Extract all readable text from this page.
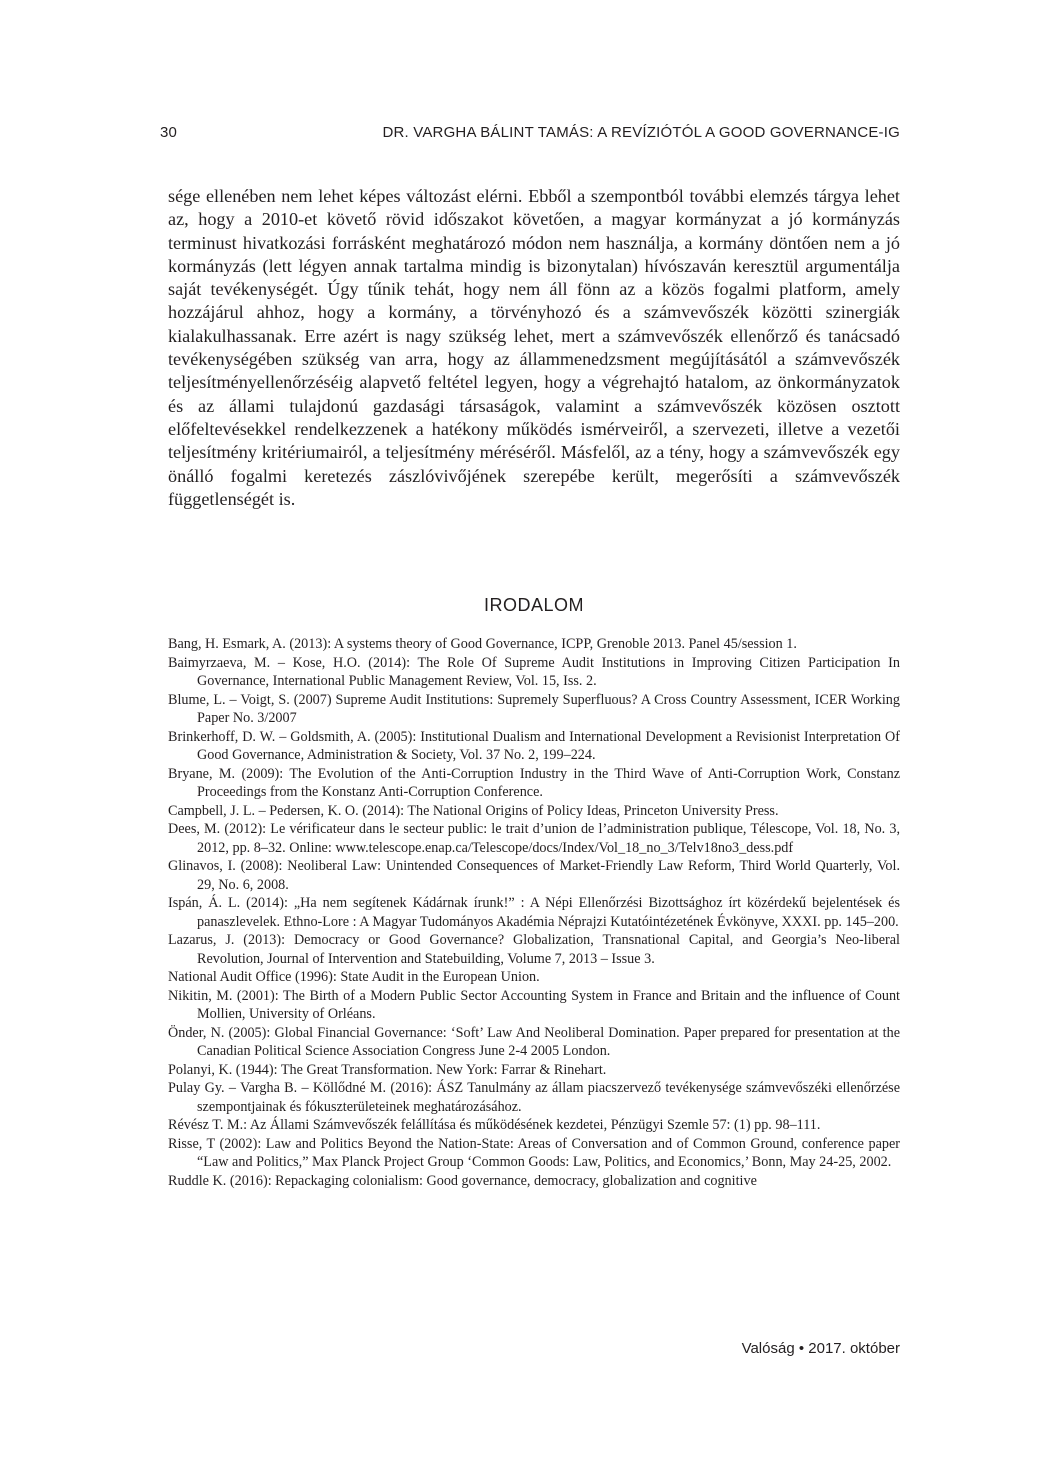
30	DR. VARGHA BÁLINT TAMÁS: A REVÍZIÓTÓL A GOOD GOVERNANCE-IG

sége ellenében nem lehet képes változást elérni. Ebből a szempontból további elemzés tárgya lehet az, hogy a 2010-et követő rövid időszakot követően, a magyar kormányzat a jó kormányzás terminust hivatkozási forrásként meghatározó módon nem használja, a kormány döntően nem a jó kormányzás (lett légyen annak tartalma mindig is bizonytalan) hívószaván keresztül argumentálja saját tevékenységét. Úgy tűnik tehát, hogy nem áll fönn az a közös fogalmi platform, amely hozzájárul ahhoz, hogy a kormány, a törvényhozó és a számvevőszék közötti szinergiák kialakulhassanak. Erre azért is nagy szükség lehet, mert a számvevőszék ellenőrző és tanácsadó tevékenységében szükség van arra, hogy az állammenedzsment megújításától a számvevőszék teljesítményellenőrzéséig alapvető feltétel legyen, hogy a végrehajtó hatalom, az önkormányzatok és az állami tulajdonú gazdasági társaságok, valamint a számvevőszék közösen osztott előfeltevésekkel rendelkezzenek a hatékony működés ismérveiről, a szervezeti, illetve a vezetői teljesítmény kritériumairól, a teljesítmény méréséről. Másfelől, az a tény, hogy a számvevőszék egy önálló fogalmi keretezés zászlóvivőjének szerepébe került, megerősíti a számvevőszék függetlenségét is.

IRODALOM
Bang, H. Esmark, A. (2013): A systems theory of Good Governance, ICPP, Grenoble 2013. Panel 45/session 1.
Baimyrzaeva, M. – Kose, H.O. (2014): The Role Of Supreme Audit Institutions in Improving Citizen Participation In Governance, International Public Management Review, Vol. 15, Iss. 2.
Blume, L. – Voigt, S. (2007) Supreme Audit Institutions: Supremely Superfluous? A Cross Country Assessment, ICER Working Paper No. 3/2007
Brinkerhoff, D. W. – Goldsmith, A. (2005): Institutional Dualism and International Development a Revisionist Interpretation Of Good Governance, Administration & Society, Vol. 37 No. 2, 199–224.
Bryane, M. (2009): The Evolution of the Anti-Corruption Industry in the Third Wave of Anti-Corruption Work, Constanz Proceedings from the Konstanz Anti-Corruption Conference.
Campbell, J. L. – Pedersen, K. O. (2014): The National Origins of Policy Ideas, Princeton University Press.
Dees, M. (2012): Le vérificateur dans le secteur public: le trait d’union de l’administration publique, Télescope, Vol. 18, No. 3, 2012, pp. 8–32. Online: www.telescope.enap.ca/Telescope/docs/Index/Vol_18_no_3/Telv18no3_dess.pdf
Glinavos, I. (2008): Neoliberal Law: Unintended Consequences of Market-Friendly Law Reform, Third World Quarterly, Vol. 29, No. 6, 2008.
Ispán, Á. L. (2014): „Ha nem segítenek Kádárnak írunk!” : A Népi Ellenőrzési Bizottsághoz írt közérdekű bejelentések és panaszlevelek. Ethno-Lore : A Magyar Tudományos Akadémia Néprajzi Kutatóintézetének Évkönyve, XXXI. pp. 145–200.
Lazarus, J. (2013): Democracy or Good Governance? Globalization, Transnational Capital, and Georgia’s Neo-liberal Revolution, Journal of Intervention and Statebuilding, Volume 7, 2013 – Issue 3.
National Audit Office (1996): State Audit in the European Union.
Nikitin, M. (2001): The Birth of a Modern Public Sector Accounting System in France and Britain and the influence of Count Mollien, University of Orléans.
Önder, N. (2005): Global Financial Governance: ‘Soft’ Law And Neoliberal Domination. Paper prepared for presentation at the Canadian Political Science Association Congress June 2-4 2005 London.
Polanyi, K. (1944): The Great Transformation. New York: Farrar & Rinehart.
Pulay Gy. – Vargha B. – Köllődné M. (2016): ÁSZ Tanulmány az állam piacszervező tevékenysége számvevőszéki ellenőrzése szempontjainak és fókuszterületeinek meghatározásához.
Révész T. M.: Az Állami Számvevőszék felállítása és működésének kezdetei, Pénzügyi Szemle 57: (1) pp. 98–111.
Risse, T (2002): Law and Politics Beyond the Nation-State: Areas of Conversation and of Common Ground, conference paper “Law and Politics,” Max Planck Project Group ‘Common Goods: Law, Politics, and Economics,’ Bonn, May 24-25, 2002.
Ruddle K. (2016): Repackaging colonialism: Good governance, democracy, globalization and cognitive
Valóság • 2017. október
